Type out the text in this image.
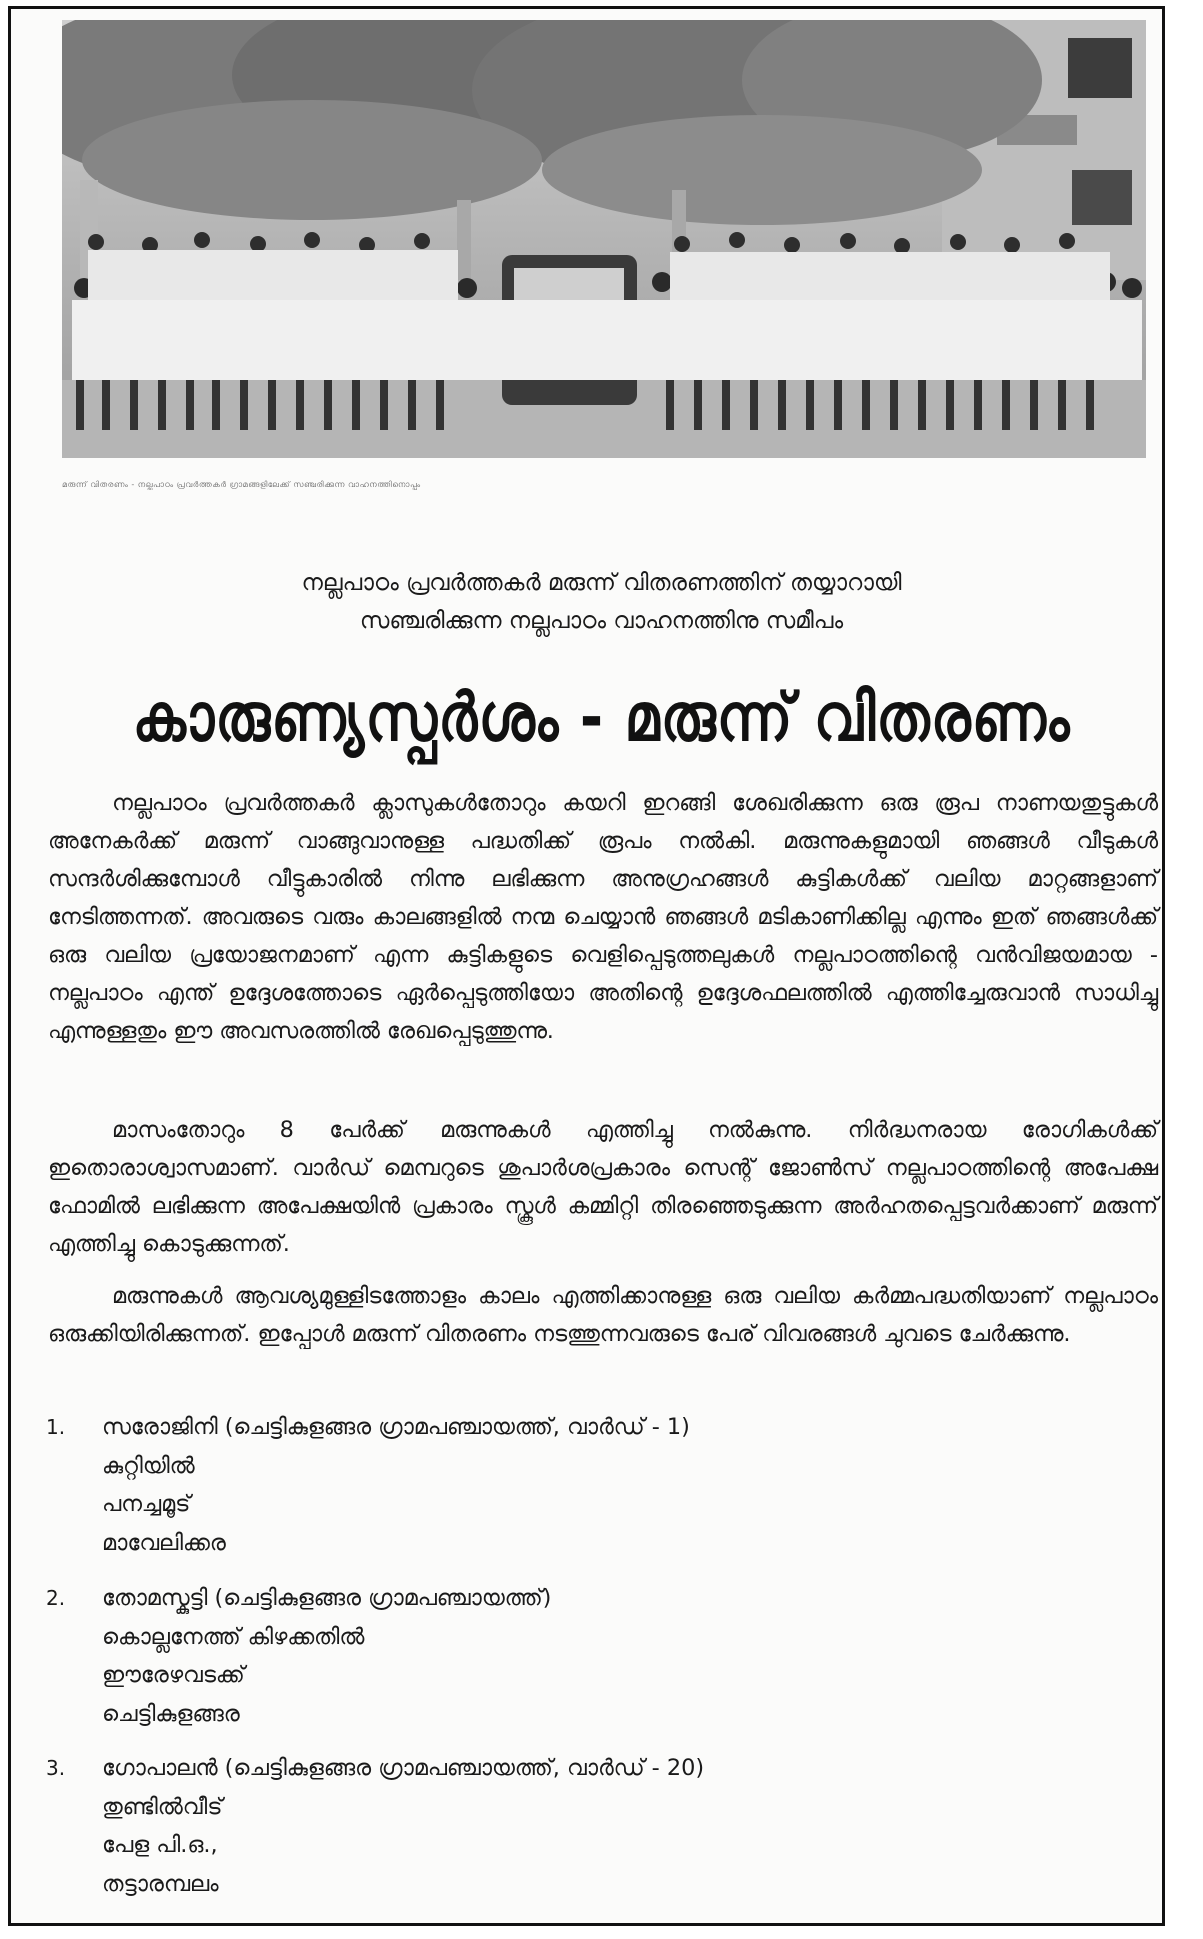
മരുന്ന് വിതരണം - നല്ലപാഠം പ്രവർത്തകർ ഗ്രാമങ്ങളിലേക്ക് സഞ്ചരിക്കുന്ന വാഹനത്തിനൊപ്പം
നല്ലപാഠം പ്രവർത്തകർ മരുന്ന് വിതരണത്തിന് തയ്യാറായി
സഞ്ചരിക്കുന്ന നല്ലപാഠം വാഹനത്തിനു സമീപം
കാരുണ്യസ്പർശം - മരുന്ന് വിതരണം

നല്ലപാഠം പ്രവർത്തകർ ക്ലാസുകൾതോറും കയറി ഇറങ്ങി ശേഖരിക്കുന്ന ഒരു രൂപ നാണയതുട്ടുകൾ അനേകർക്ക് മരുന്ന് വാങ്ങുവാനുള്ള പദ്ധതിക്ക് രൂപം നൽകി. മരുന്നുകളുമായി ഞങ്ങൾ വീടുകൾ സന്ദർശിക്കുമ്പോൾ വീട്ടുകാരിൽ നിന്നു ലഭിക്കുന്ന അനുഗ്രഹങ്ങൾ കുട്ടികൾക്ക് വലിയ മാറ്റങ്ങളാണ് നേടിത്തന്നത്. അവരുടെ വരും കാലങ്ങളിൽ നന്മ ചെയ്യാൻ ഞങ്ങൾ മടികാണിക്കില്ല എന്നും ഇത് ഞങ്ങൾക്ക് ഒരു വലിയ പ്രയോജനമാണ് എന്ന കുട്ടികളുടെ വെളിപ്പെടുത്തലുകൾ നല്ലപാഠത്തിന്റെ വൻവിജയമായ - നല്ലപാഠം എന്ത് ഉദ്ദേശത്തോടെ ഏർപ്പെടുത്തിയോ അതിന്റെ ഉദ്ദേശഫലത്തിൽ എത്തിച്ചേരുവാൻ സാധിച്ചു എന്നുള്ളതും ഈ അവസരത്തിൽ രേഖപ്പെടുത്തുന്നു.

മാസംതോറും 8 പേർക്ക് മരുന്നുകൾ എത്തിച്ചു നൽകുന്നു. നിർദ്ധനരായ രോഗികൾക്ക് ഇതൊരാശ്വാസമാണ്. വാർഡ് മെമ്പറുടെ ശുപാർശപ്രകാരം സെന്റ് ജോൺസ് നല്ലപാഠത്തിന്റെ അപേക്ഷ ഫോമിൽ ലഭിക്കുന്ന അപേക്ഷയിൻ പ്രകാരം സ്കൂൾ കമ്മിറ്റി തിരഞ്ഞെടുക്കുന്ന അർഹതപ്പെട്ടവർക്കാണ് മരുന്ന് എത്തിച്ചു കൊടുക്കുന്നത്.

മരുന്നുകൾ ആവശ്യമുള്ളിടത്തോളം കാലം എത്തിക്കാനുള്ള ഒരു വലിയ കർമ്മപദ്ധതിയാണ് നല്ലപാഠം ഒരുക്കിയിരിക്കുന്നത്. ഇപ്പോൾ മരുന്ന് വിതരണം നടത്തുന്നവരുടെ പേര് വിവരങ്ങൾ ചുവടെ ചേർക്കുന്നു.

1. സരോജിനി (ചെട്ടികുളങ്ങര ഗ്രാമപഞ്ചായത്ത്, വാർഡ് - 1)
കുറ്റിയിൽ
പനച്ചമൂട്
മാവേലിക്കര
2. തോമസ്കുട്ടി (ചെട്ടികുളങ്ങര ഗ്രാമപഞ്ചായത്ത്)
കൊല്ലനേത്ത് കിഴക്കതിൽ
ഈരേഴവടക്ക്
ചെട്ടികുളങ്ങര
3. ഗോപാലൻ (ചെട്ടികുളങ്ങര ഗ്രാമപഞ്ചായത്ത്, വാർഡ് - 20)
തുണ്ടിൽവീട്
പേള പി.ഒ.,
തട്ടാരമ്പലം
